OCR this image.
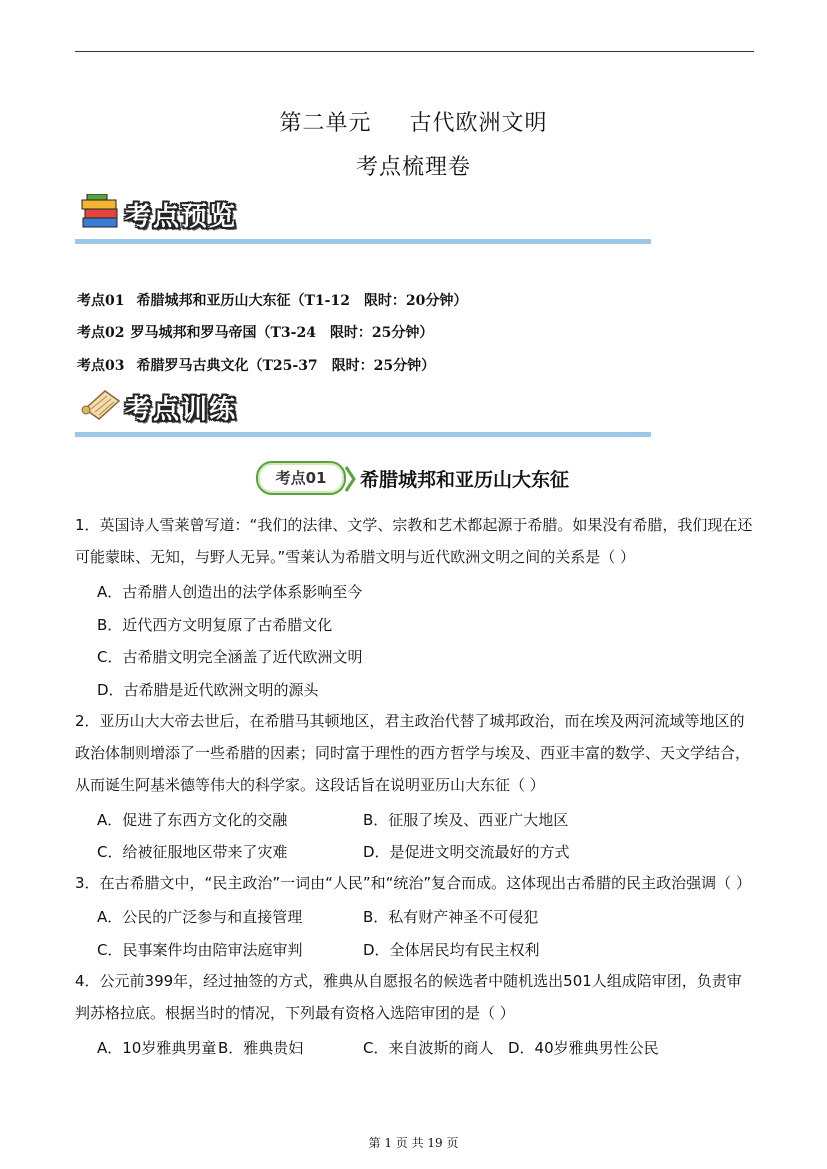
第二单元 古代欧洲文明
考点梳理卷
考点预览
考点01 希腊城邦和亚历山大东征（T1-12 限时：20分钟）
考点02 罗马城邦和罗马帝国（T3-24 限时：25分钟）
考点03 希腊罗马古典文化（T25-37 限时：25分钟）
考点训练
考点01	希腊城邦和亚历山大东征
1．英国诗人雪莱曾写道：“我们的法律、文学、宗教和艺术都起源于希腊。如果没有希腊，我们现在还可能蒙昧、无知，与野人无异。”雪莱认为希腊文明与近代欧洲文明之间的关系是（ ）
A．古希腊人创造出的法学体系影响至今
B．近代西方文明复原了古希腊文化
C．古希腊文明完全涵盖了近代欧洲文明
D．古希腊是近代欧洲文明的源头
2．亚历山大大帝去世后，在希腊马其顿地区，君主政治代替了城邦政治，而在埃及两河流域等地区的政治体制则增添了一些希腊的因素；同时富于理性的西方哲学与埃及、西亚丰富的数学、天文学结合，从而诞生阿基米德等伟大的科学家。这段话旨在说明亚历山大东征（ ）
A．促进了东西方文化的交融	B．征服了埃及、西亚广大地区
C．给被征服地区带来了灾难	D．是促进文明交流最好的方式
3．在古希腊文中，“民主政治”一词由“人民”和“统治”复合而成。这体现出古希腊的民主政治强调（ ）
A．公民的广泛参与和直接管理	B．私有财产神圣不可侵犯
C．民事案件均由陪审法庭审判	D．全体居民均有民主权利
4．公元前399年，经过抽签的方式，雅典从自愿报名的候选者中随机选出501人组成陪审团，负责审判苏格拉底。根据当时的情况，下列最有资格入选陪审团的是（ ）
A．10岁雅典男童 B．雅典贵妇	C．来自波斯的商人 D．40岁雅典男性公民
第 1 页 共 19 页
